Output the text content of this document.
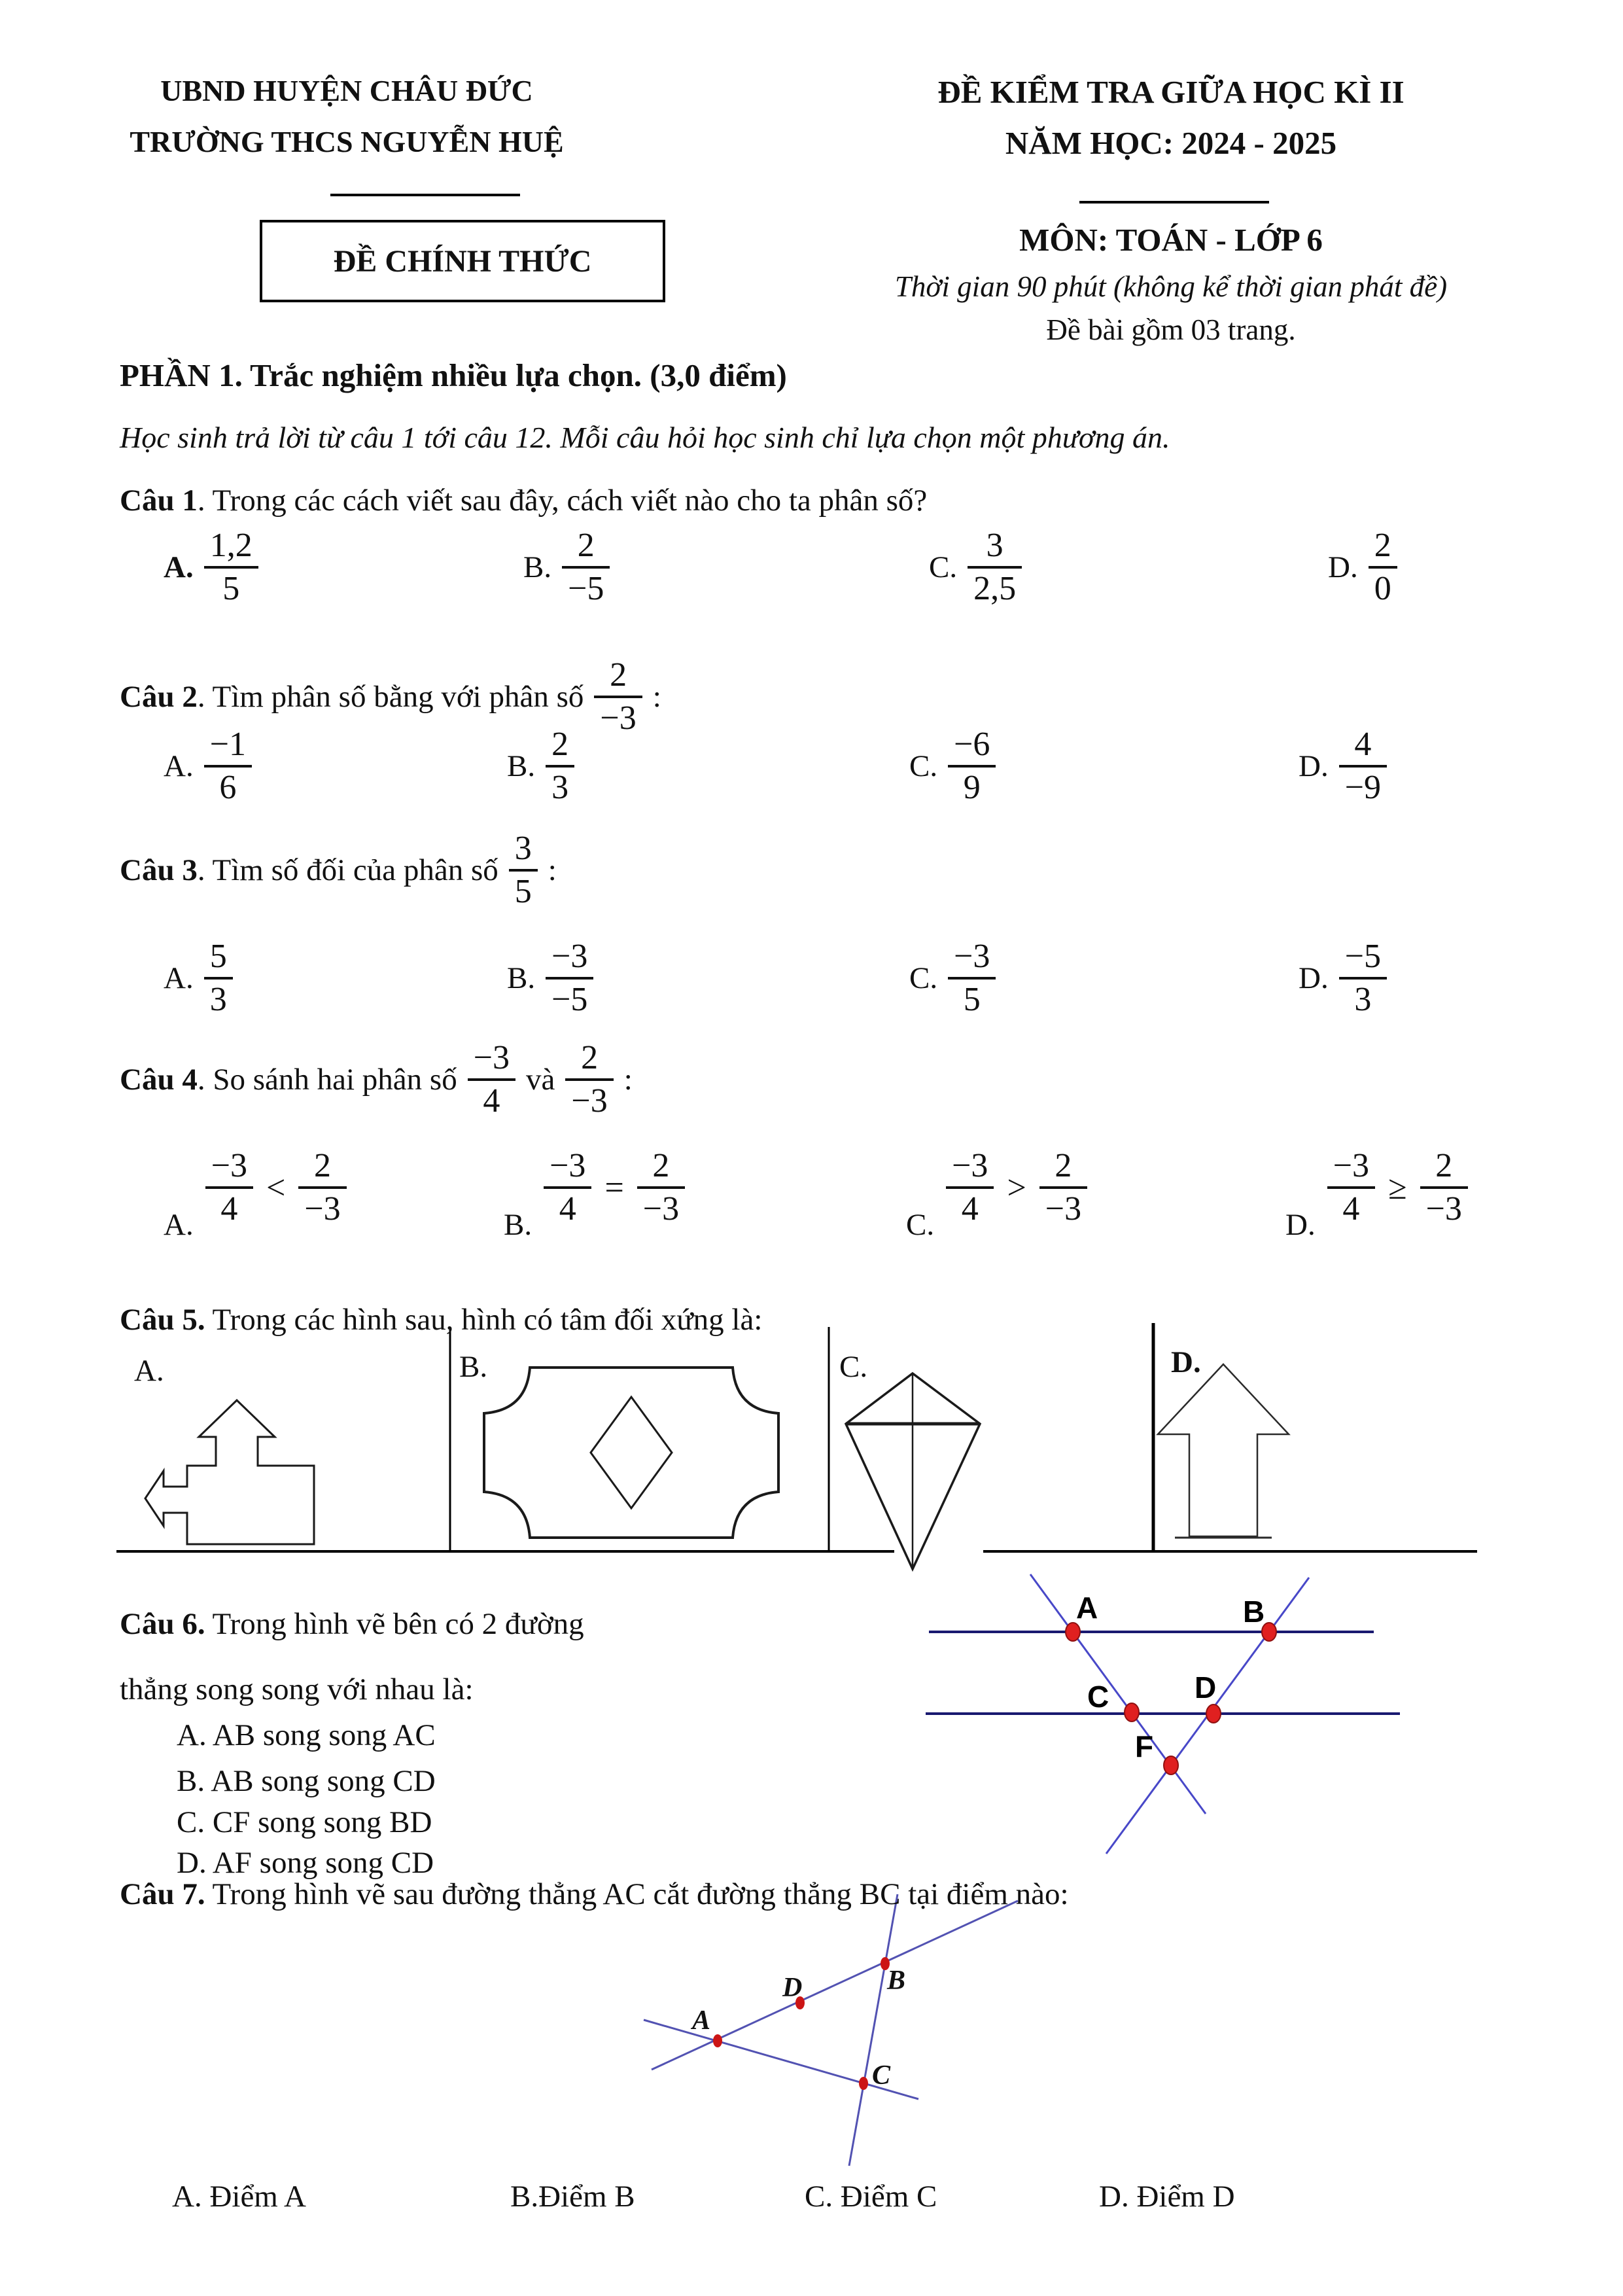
UBND HUYỆN CHÂU ĐỨC
TRƯỜNG THCS NGUYỄN HUỆ
ĐỀ KIỂM TRA GIỮA HỌC KÌ II
NĂM HỌC: 2024 - 2025
ĐỀ CHÍNH THỨC
MÔN: TOÁN - LỚP 6
Thời gian 90 phút (không kể thời gian phát đề)
Đề bài gồm 03 trang.
PHẦN 1. Trắc nghiệm nhiều lựa chọn. (3,0 điểm)
Học sinh trả lời từ câu 1 tới câu 12. Mỗi câu hỏi học sinh chỉ lựa chọn một phương án.
Câu 1. Trong các cách viết sau đây, cách viết nào cho ta phân số?
A. $\frac{1,2}{5}$	B. $\frac{2}{-5}$	C. $\frac{3}{2,5}$	D. $\frac{2}{0}$
Câu 2. Tìm phân số bằng với phân số $\frac{2}{-3}$ :
A. $\frac{-1}{6}$	B. $\frac{2}{3}$	C. $\frac{-6}{9}$	D. $\frac{4}{-9}$
Câu 3. Tìm số đối của phân số $\frac{3}{5}$ :
A. $\frac{5}{3}$	B. $\frac{-3}{-5}$	C. $\frac{-3}{5}$	D. $\frac{-5}{3}$
Câu 4. So sánh hai phân số $\frac{-3}{4}$ và $\frac{2}{-3}$ :
A. $\frac{-3}{4} < \frac{2}{-3}$	B. $\frac{-3}{4} = \frac{2}{-3}$	C. $\frac{-3}{4} > \frac{2}{-3}$	D. $\frac{-3}{4} \ge \frac{2}{-3}$
Câu 5. Trong các hình sau, hình có tâm đối xứng là:
A.	B.	C.	D.
Câu 6. Trong hình vẽ bên có 2 đường
thẳng song song với nhau là:
A. AB song song AC
B. AB song song CD
C. CF song song BD
D. AF song song CD
A	B
C	D
F
Câu 7. Trong hình vẽ sau đường thẳng AC cắt đường thẳng BC tại điểm nào:
A
D	B
C
A. Điểm A	B.Điểm B	C. Điểm C	D. Điểm D
